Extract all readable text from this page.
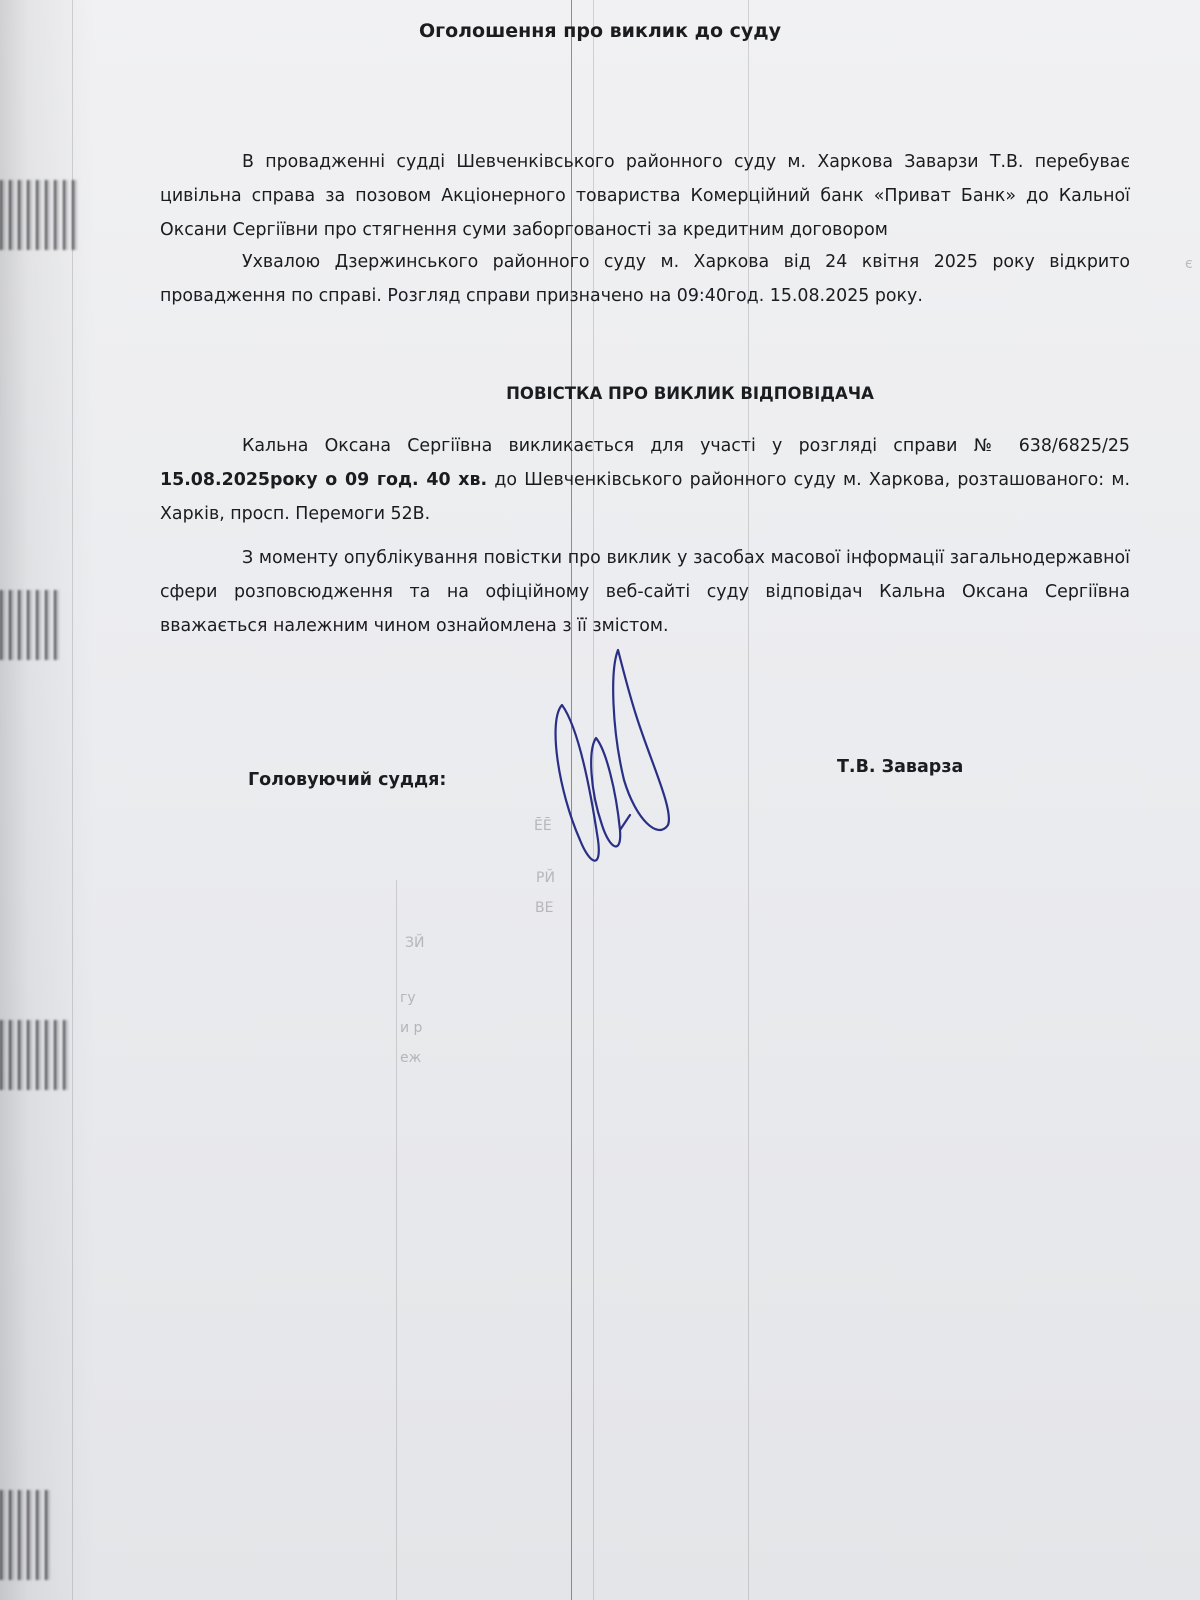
ĒĒ
РЙ
ВЕ
ЗЙ
гу
и р
еж
є
Оголошення про виклик до суду
В провадженні судді Шевченківського районного суду м. Харкова Заварзи Т.В. перебуває цивільна справа за позовом Акціонерного товариства Комерційний банк «Приват Банк» до Кальної Оксани Сергіївни про стягнення суми заборгованості за кредитним договором
Ухвалою Дзержинського районного суду м. Харкова від 24 квітня 2025 року відкрито провадження по справі. Розгляд справи призначено на 09:40год. 15.08.2025 року.
ПОВІСТКА ПРО ВИКЛИК ВІДПОВІДАЧА
Кальна Оксана Сергіївна викликається для участі у розгляді справи № 638/6825/25 15.08.2025року о 09 год. 40 хв. до Шевченківського районного суду м. Харкова, розташованого: м. Харків, просп. Перемоги 52В.
З моменту опублікування повістки про виклик у засобах масової інформації загальнодержавної сфери розповсюдження та на офіційному веб-сайті суду відповідач Кальна Оксана Сергіївна вважається належним чином ознайомлена з її змістом.
Головуючий суддя:
Т.В. Заварза
